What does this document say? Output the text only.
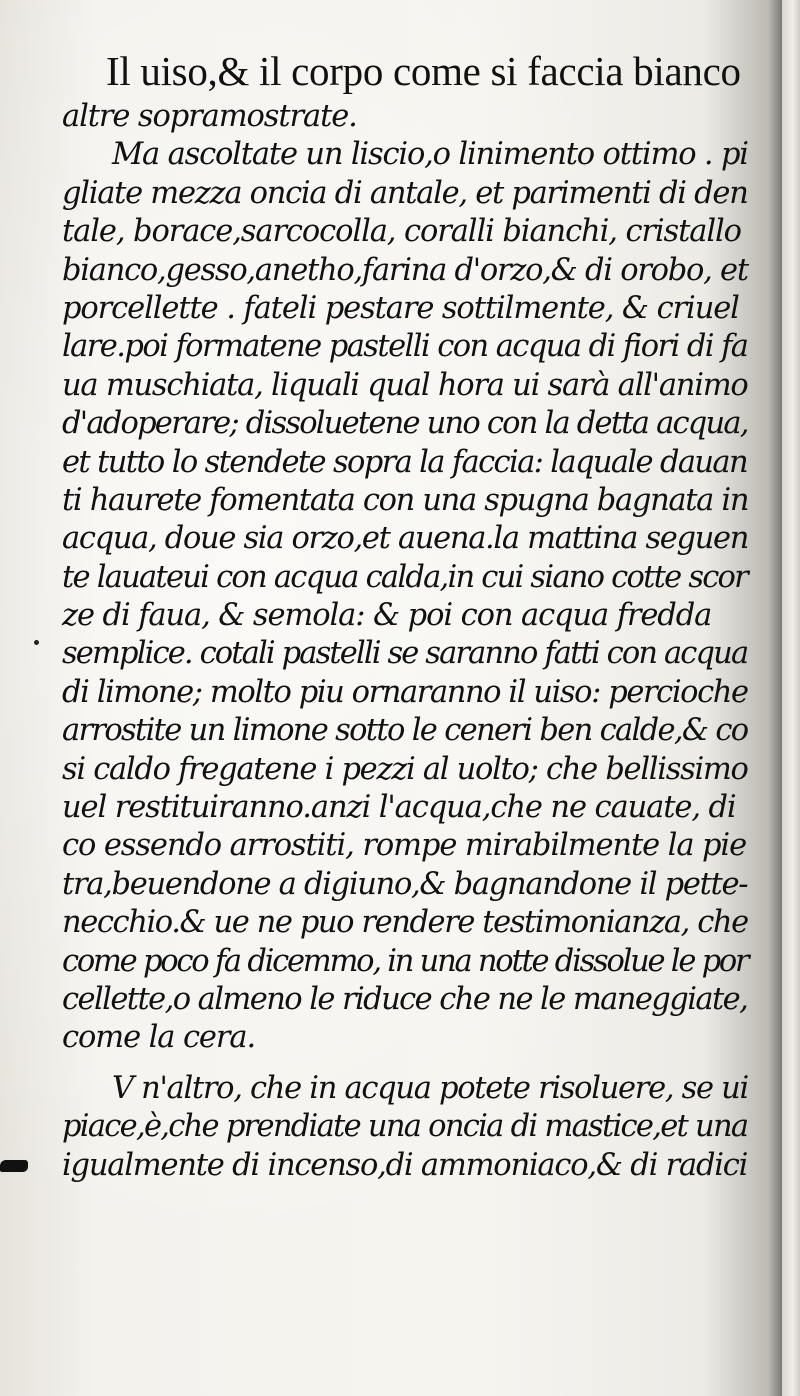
Il uiso,& il corpo come si faccia bianco
altre sopramostrate.
Ma ascoltate un liscio,o linimento ottimo . pi
gliate mezza oncia di antale, et parimenti di den
tale, borace,sarcocolla, coralli bianchi, cristallo
bianco,gesso,anetho,farina d'orzo,& di orobo, et
porcellette . fateli pestare sottilmente, & criuel
lare.poi formatene pastelli con acqua di fiori di fa
ua muschiata, liquali qual hora ui sarà all'animo
d'adoperare; dissoluetene uno con la detta acqua,
et tutto lo stendete sopra la faccia: laquale dauan
ti haurete fomentata con una spugna bagnata in
acqua, doue sia orzo,et auena.la mattina seguen
te lauateui con acqua calda,in cui siano cotte scor
ze di faua, & semola: & poi con acqua fredda
semplice. cotali pastelli se saranno fatti con acqua
di limone; molto piu ornaranno il uiso: percioche
arrostite un limone sotto le ceneri ben calde,& co
si caldo fregatene i pezzi al uolto; che bellissimo
uel restituiranno.anzi l'acqua,che ne cauate, di
co essendo arrostiti, rompe mirabilmente la pie
tra,beuendone a digiuno,& bagnandone il pette-
necchio.& ue ne puo rendere testimonianza, che
come poco fa dicemmo, in una notte dissolue le por
cellette,o almeno le riduce che ne le maneggiate,
come la cera.
V n'altro, che in acqua potete risoluere, se ui
piace,è,che prendiate una oncia di mastice,et una
igualmente di incenso,di ammoniaco,& di radici
